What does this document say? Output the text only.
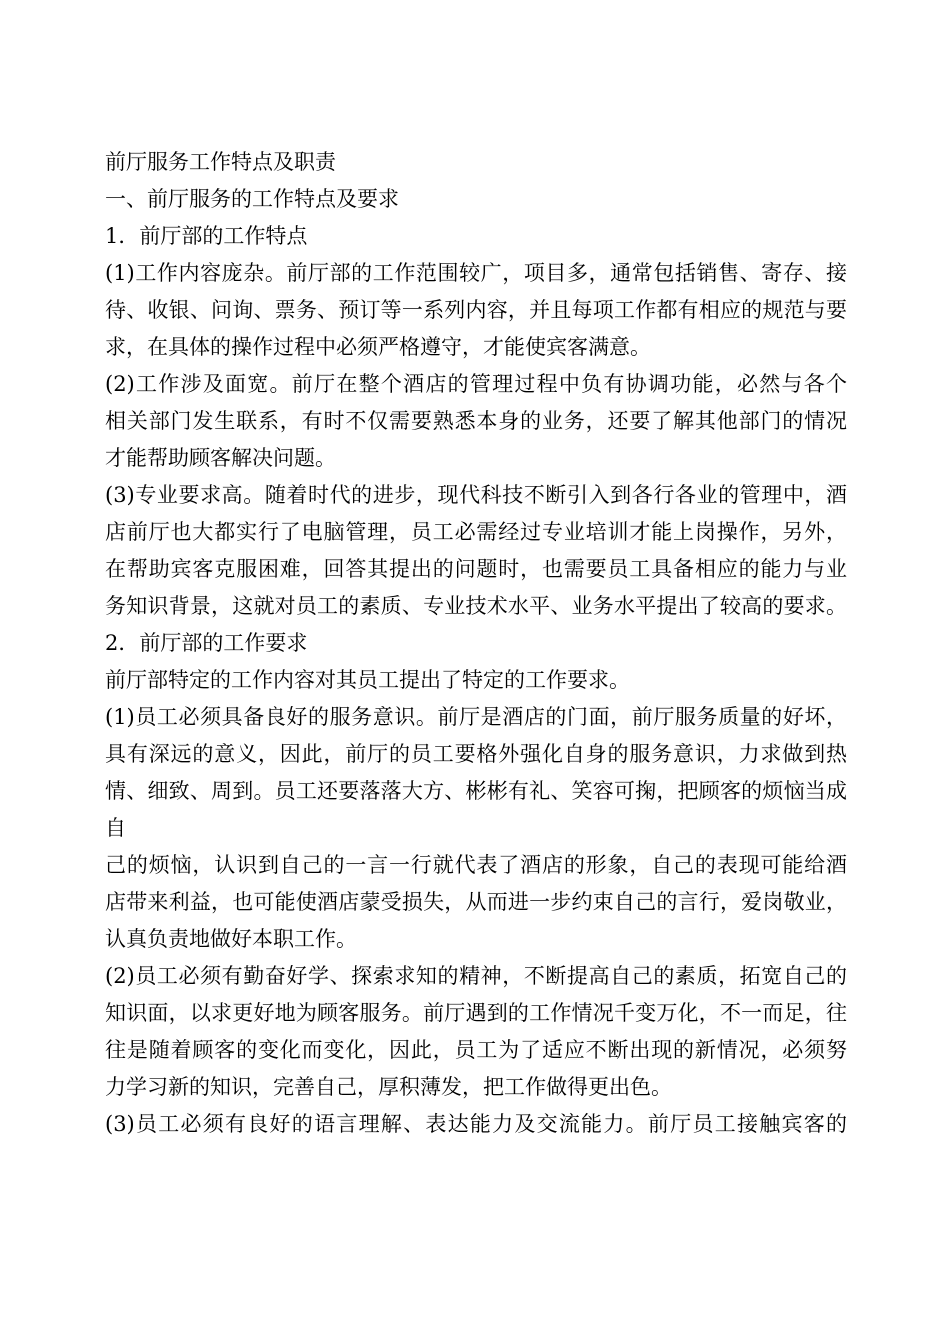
前厅服务工作特点及职责

一、前厅服务的工作特点及要求

1．前厅部的工作特点

(1)工作内容庞杂。前厅部的工作范围较广，项目多，通常包括销售、寄存、接

待、收银、问询、票务、预订等一系列内容，并且每项工作都有相应的规范与要

求，在具体的操作过程中必须严格遵守，才能使宾客满意。

(2)工作涉及面宽。前厅在整个酒店的管理过程中负有协调功能，必然与各个

相关部门发生联系，有时不仅需要熟悉本身的业务，还要了解其他部门的情况

才能帮助顾客解决问题。

(3)专业要求高。随着时代的进步，现代科技不断引入到各行各业的管理中，酒

店前厅也大都实行了电脑管理，员工必需经过专业培训才能上岗操作，另外，

在帮助宾客克服困难，回答其提出的问题时，也需要员工具备相应的能力与业

务知识背景，这就对员工的素质、专业技术水平、业务水平提出了较高的要求。

2．前厅部的工作要求

前厅部特定的工作内容对其员工提出了特定的工作要求。

(1)员工必须具备良好的服务意识。前厅是酒店的门面，前厅服务质量的好坏，

具有深远的意义，因此，前厅的员工要格外强化自身的服务意识，力求做到热

情、细致、周到。员工还要落落大方、彬彬有礼、笑容可掬，把顾客的烦恼当成自

己的烦恼，认识到自己的一言一行就代表了酒店的形象，自己的表现可能给酒

店带来利益，也可能使酒店蒙受损失，从而进一步约束自己的言行，爱岗敬业，

认真负责地做好本职工作。

(2)员工必须有勤奋好学、探索求知的精神，不断提高自己的素质，拓宽自己的

知识面，以求更好地为顾客服务。前厅遇到的工作情况千变万化，不一而足，往

往是随着顾客的变化而变化，因此，员工为了适应不断出现的新情况，必须努

力学习新的知识，完善自己，厚积薄发，把工作做得更出色。

(3)员工必须有良好的语言理解、表达能力及交流能力。前厅员工接触宾客的
